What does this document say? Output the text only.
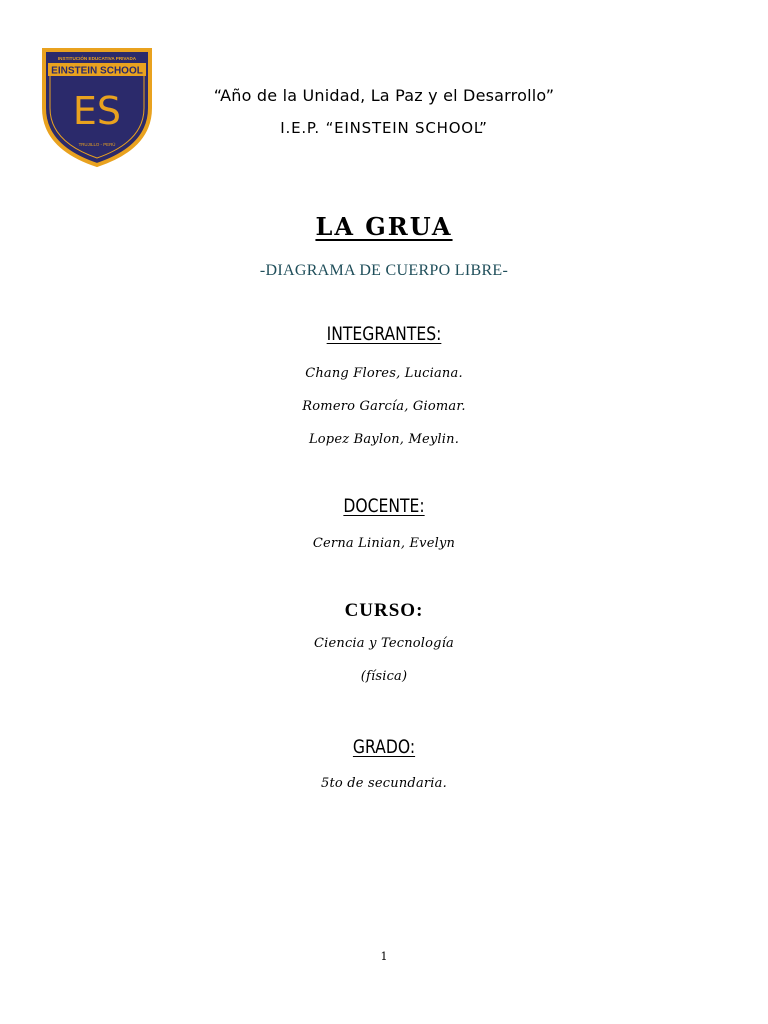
INSTITUCIÓN EDUCATIVA PRIVADA
EINSTEIN SCHOOL
ES
TRUJILLO - PERÚ
“Año de la Unidad, La Paz y el Desarrollo”
I.E.P. “EINSTEIN SCHOOL”
LA GRUA
-DIAGRAMA DE CUERPO LIBRE-
INTEGRANTES:
Chang Flores, Luciana.
Romero García, Giomar.
Lopez Baylon, Meylin.
DOCENTE:
Cerna Linian, Evelyn
CURSO:
Ciencia y Tecnología
(física)
GRADO:
5to de secundaria.
1
